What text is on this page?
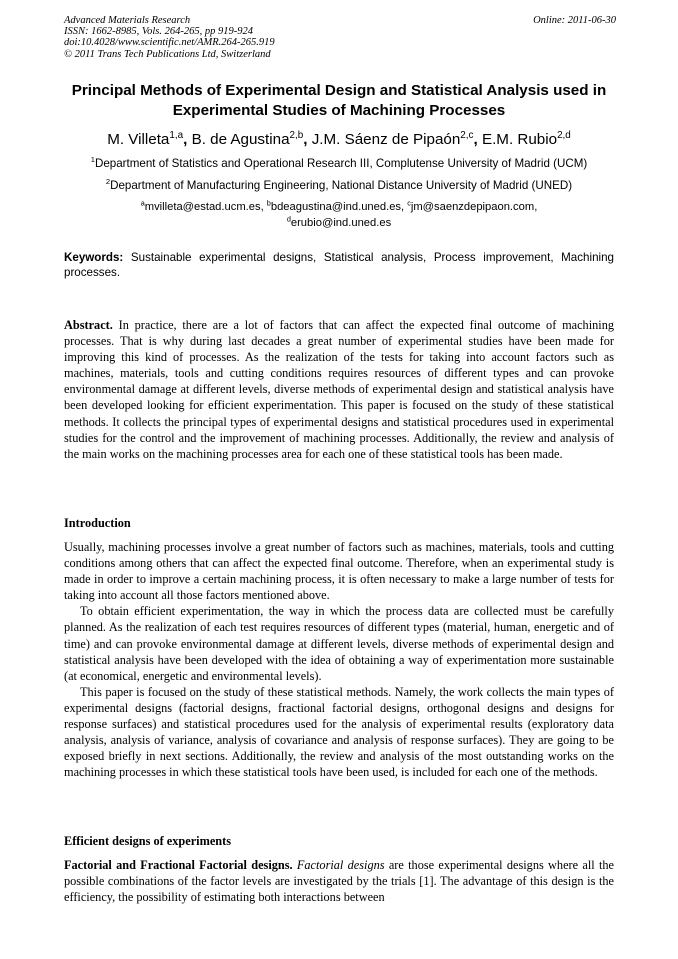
Advanced Materials Research
ISSN: 1662-8985, Vols. 264-265, pp 919-924
doi:10.4028/www.scientific.net/AMR.264-265.919
© 2011 Trans Tech Publications Ltd, Switzerland
Online: 2011-06-30
Principal Methods of Experimental Design and Statistical Analysis used in Experimental Studies of Machining Processes
M. Villeta$^{1,a}$, B. de Agustina$^{2,b}$, J.M. Sáenz de Pipaón$^{2,c}$, E.M. Rubio$^{2,d}$
$^1$Department of Statistics and Operational Research III, Complutense University of Madrid (UCM)
$^2$Department of Manufacturing Engineering, National Distance University of Madrid (UNED)
$^a$mvilleta@estad.ucm.es, $^b$bdeagustina@ind.uned.es, $^c$jm@saenzdepipaon.com,
$^d$erubio@ind.uned.es
Keywords: Sustainable experimental designs, Statistical analysis, Process improvement, Machining processes.

Abstract. In practice, there are a lot of factors that can affect the expected final outcome of machining processes. That is why during last decades a great number of experimental studies have been made for improving this kind of processes. As the realization of the tests for taking into account factors such as machines, materials, tools and cutting conditions requires resources of different types and can provoke environmental damage at different levels, diverse methods of experimental design and statistical analysis have been developed looking for efficient experimentation. This paper is focused on the study of these statistical methods. It collects the principal types of experimental designs and statistical procedures used in experimental studies for the control and the improvement of machining processes. Additionally, the review and analysis of the main works on the machining processes area for each one of these statistical tools has been made.

Introduction

Usually, machining processes involve a great number of factors such as machines, materials, tools and cutting conditions among others that can affect the expected final outcome. Therefore, when an experimental study is made in order to improve a certain machining process, it is often necessary to make a large number of tests for taking into account all those factors mentioned above.

To obtain efficient experimentation, the way in which the process data are collected must be carefully planned. As the realization of each test requires resources of different types (material, human, energetic and of time) and can provoke environmental damage at different levels, diverse methods of experimental design and statistical analysis have been developed with the idea of obtaining a way of experimentation more sustainable (at economical, energetic and environmental levels).

This paper is focused on the study of these statistical methods. Namely, the work collects the main types of experimental designs (factorial designs, fractional factorial designs, orthogonal designs and designs for response surfaces) and statistical procedures used for the analysis of experimental results (exploratory data analysis, analysis of variance, analysis of covariance and analysis of response surfaces). They are going to be exposed briefly in next sections. Additionally, the review and analysis of the most outstanding works on the machining processes in which these statistical tools have been used, is included for each one of the methods.

Efficient designs of experiments

Factorial and Fractional Factorial designs. Factorial designs are those experimental designs where all the possible combinations of the factor levels are investigated by the trials [1]. The advantage of this design is the efficiency, the possibility of estimating both interactions between
